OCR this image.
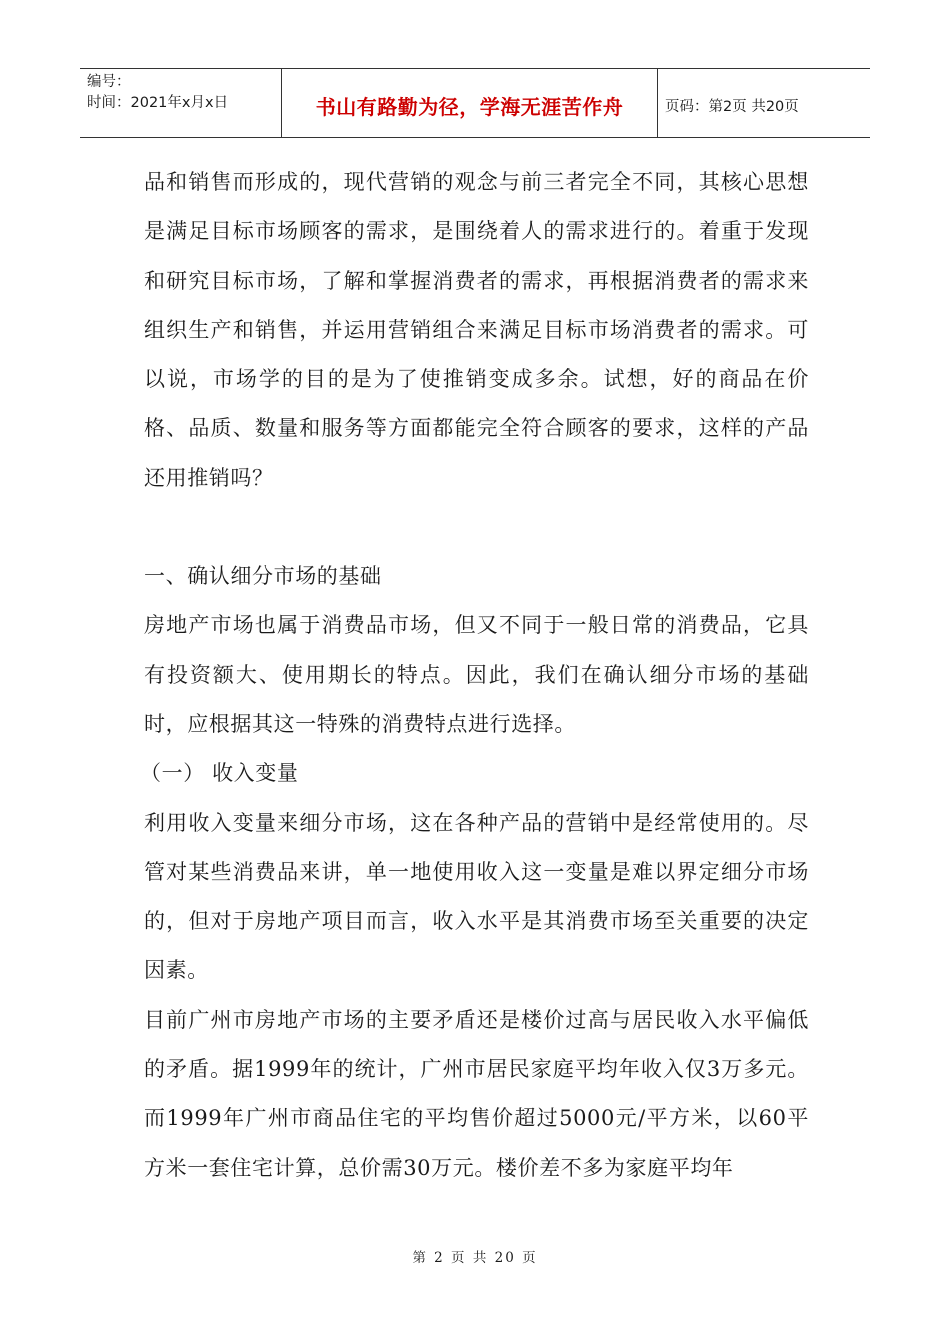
编号：
时间：2021年x月x日	书山有路勤为径，学海无涯苦作舟	页码：第2页 共20页

品和销售而形成的，现代营销的观念与前三者完全不同，其核心思想是满足目标市场顾客的需求，是围绕着人的需求进行的。着重于发现和研究目标市场，了解和掌握消费者的需求，再根据消费者的需求来组织生产和销售，并运用营销组合来满足目标市场消费者的需求。可以说，市场学的目的是为了使推销变成多余。试想，好的商品在价格、品质、数量和服务等方面都能完全符合顾客的要求，这样的产品还用推销吗？

一、确认细分市场的基础

房地产市场也属于消费品市场，但又不同于一般日常的消费品，它具有投资额大、使用期长的特点。因此，我们在确认细分市场的基础时，应根据其这一特殊的消费特点进行选择。

（一） 收入变量

利用收入变量来细分市场，这在各种产品的营销中是经常使用的。尽管对某些消费品来讲，单一地使用收入这一变量是难以界定细分市场的，但对于房地产项目而言，收入水平是其消费市场至关重要的决定因素。

目前广州市房地产市场的主要矛盾还是楼价过高与居民收入水平偏低的矛盾。据1999年的统计，广州市居民家庭平均年收入仅3万多元。而1999年广州市商品住宅的平均售价超过5000元/平方米，以60平方米一套住宅计算，总价需30万元。楼价差不多为家庭平均年

第 2 页 共 20 页
